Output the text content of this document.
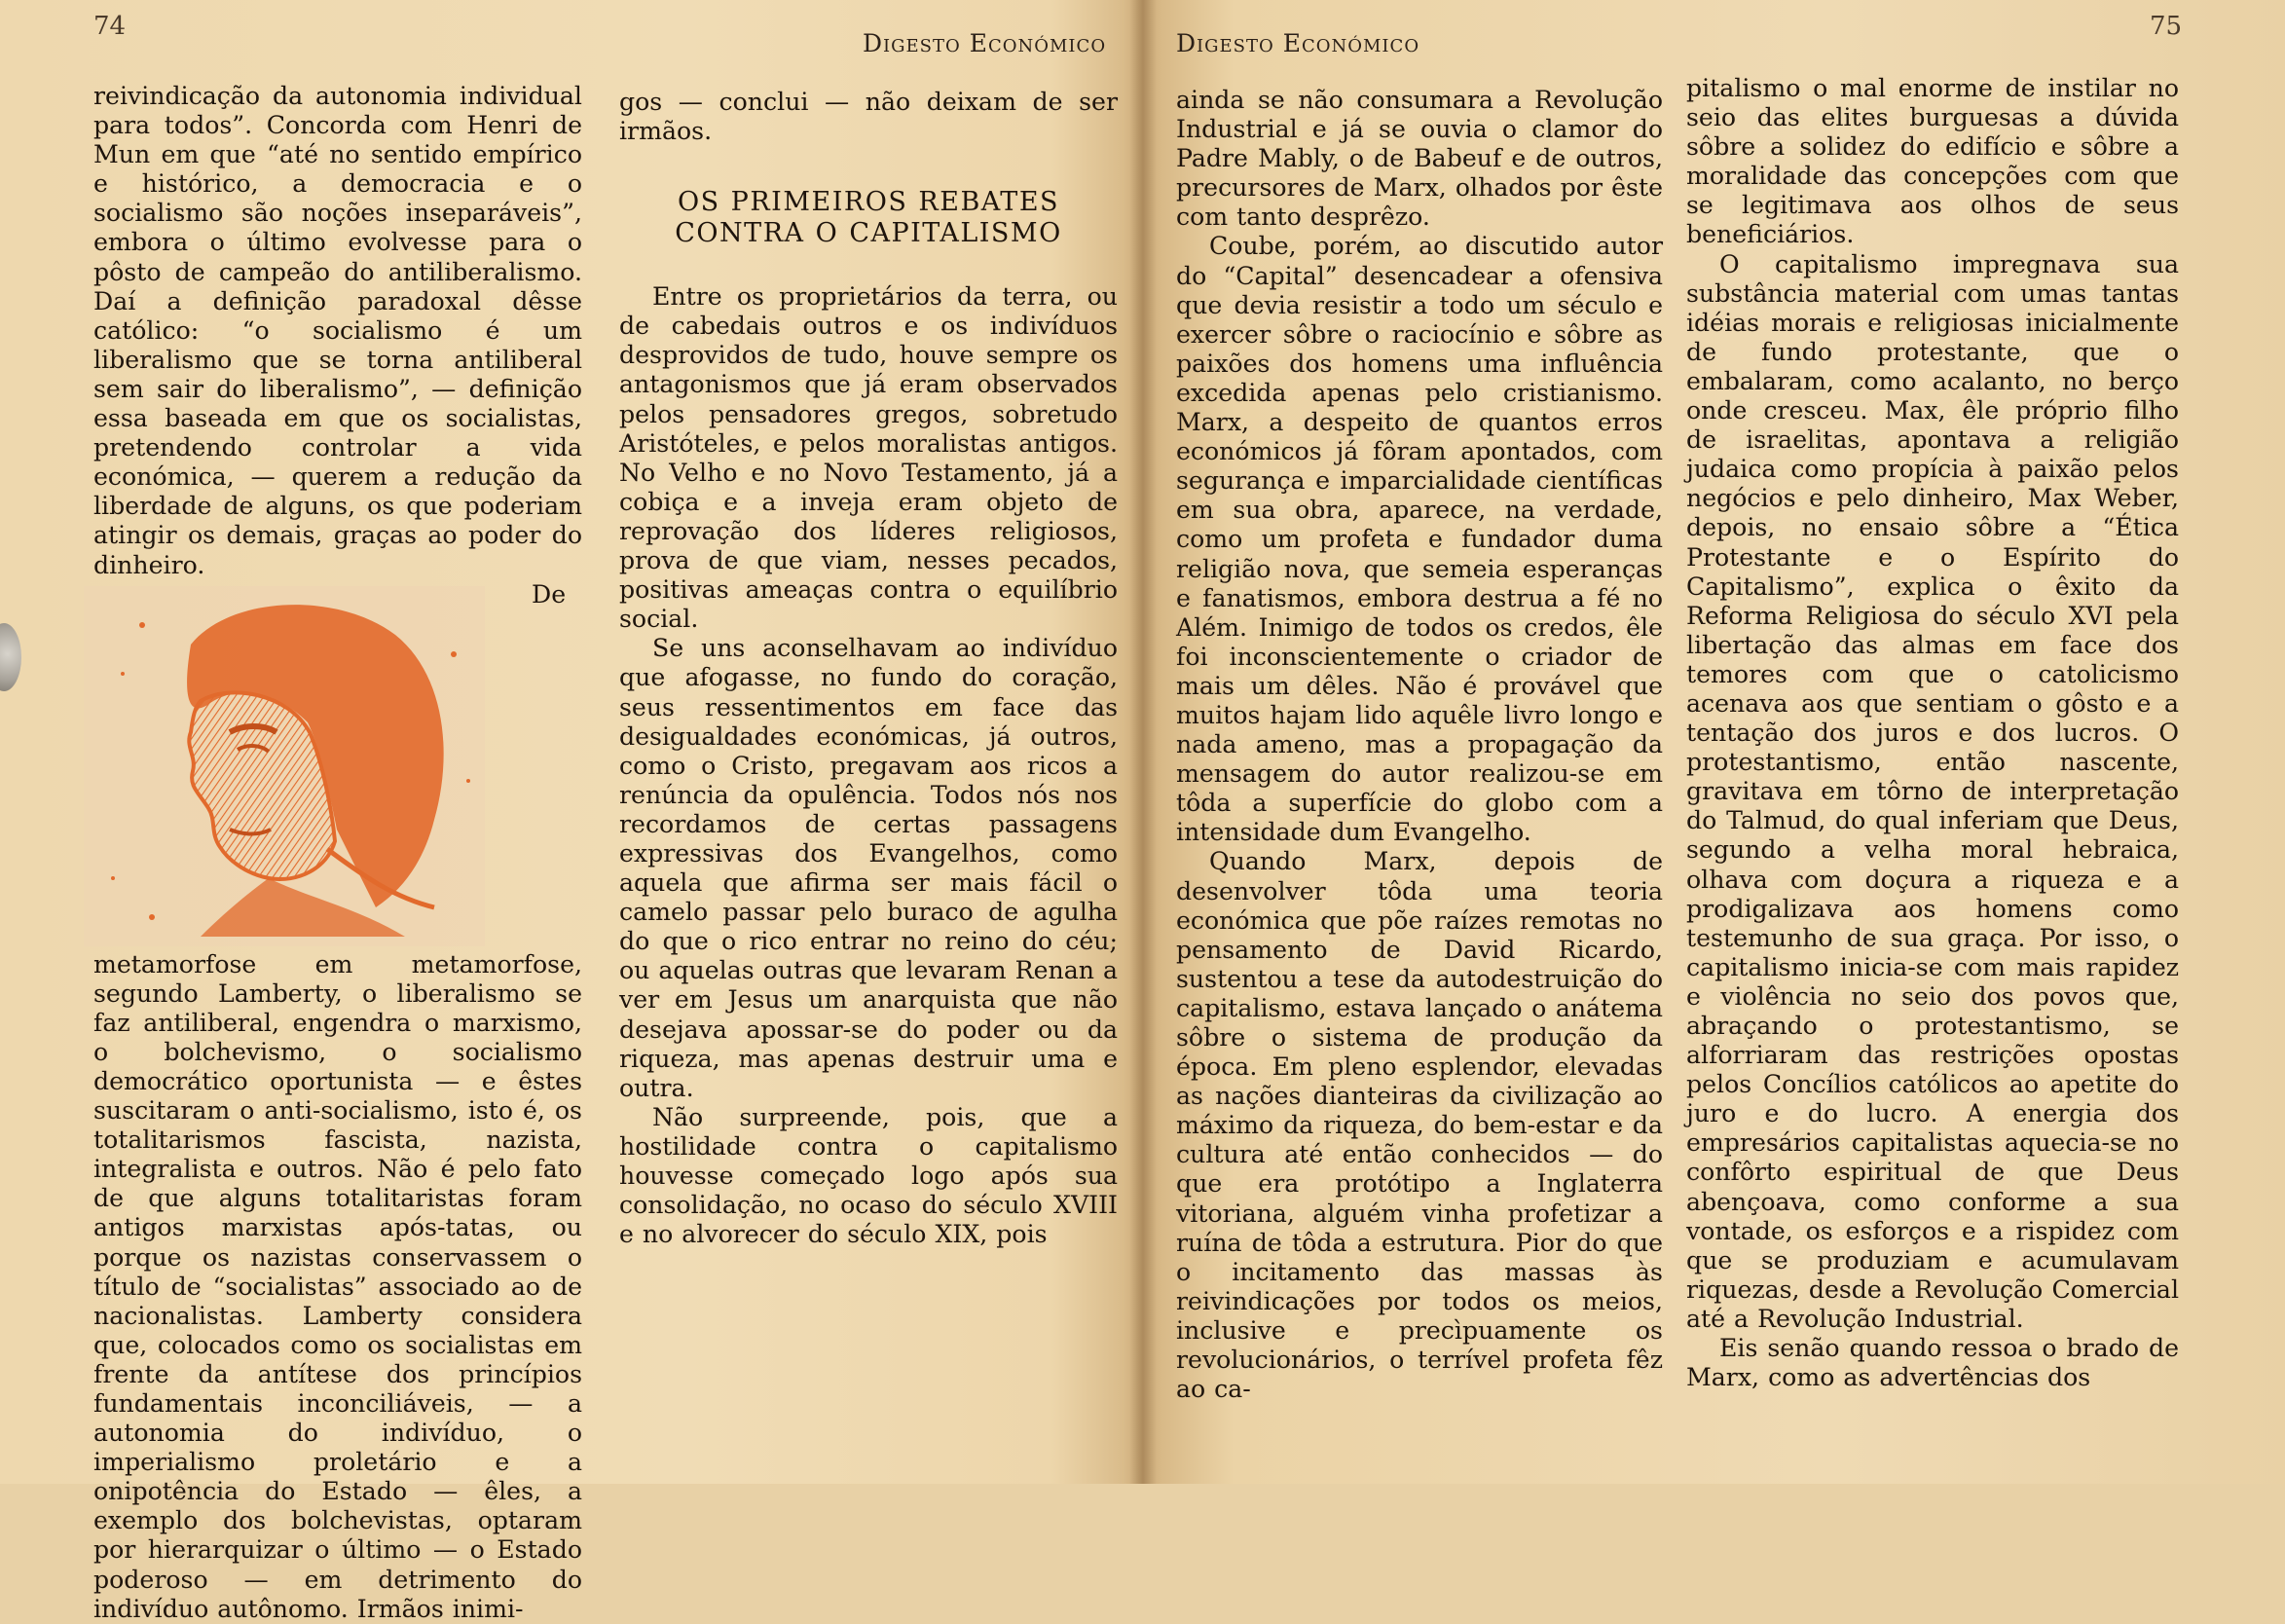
74
Digesto Económico

reivindicação da autonomia individual para todos”. Concorda com Henri de Mun em que “até no sentido empírico e histórico, a democracia e o socialismo são noções inseparáveis”, embora o último evolvesse para o pôsto de campeão do antiliberalismo. Daí a definição paradoxal dêsse católico: “o socialismo é um liberalismo que se torna antiliberal sem sair do liberalismo”, — definição essa baseada em que os socialistas, pretendendo controlar a vida económica, — querem a redução da liberdade de alguns, os que poderiam atingir os demais, graças ao poder do dinheiro.

De metamorfose em metamorfose, segundo Lamberty, o liberalismo se faz antiliberal, engendra o marxismo, o bolchevismo, o socialismo democrático oportunista — e êstes suscitaram o anti-socialismo, isto é, os totalitarismos fascista, nazista, integralista e outros. Não é pelo fato de que alguns totalitaristas foram antigos marxistas após-tatas, ou porque os nazistas conservassem o título de “socialistas” associado ao de nacionalistas. Lamberty considera que, colocados como os socialistas em frente da antítese dos princípios fundamentais inconciliáveis, — a autonomia do indivíduo, o imperialismo proletário e a onipotência do Estado — êles, a exemplo dos bolchevistas, optaram por hierarquizar o último — o Estado poderoso — em detrimento do indivíduo autônomo. Irmãos inimi-

gos — conclui — não deixam de ser irmãos.

OS PRIMEIROS REBATES
CONTRA O CAPITALISMO

Entre os proprietários da terra, ou de cabedais outros e os indivíduos desprovidos de tudo, houve sempre os antagonismos que já eram observados pelos pensadores gregos, sobretudo Aristóteles, e pelos moralistas antigos. No Velho e no Novo Testamento, já a cobiça e a inveja eram objeto de reprovação dos líderes religiosos, prova de que viam, nesses pecados, positivas ameaças contra o equilíbrio social.

Se uns aconselhavam ao indivíduo que afogasse, no fundo do coração, seus ressentimentos em face das desigualdades económicas, já outros, como o Cristo, pregavam aos ricos a renúncia da opulência. Todos nós nos recordamos de certas passagens expressivas dos Evangelhos, como aquela que afirma ser mais fácil o camelo passar pelo buraco de agulha do que o rico entrar no reino do céu; ou aquelas outras que levaram Renan a ver em Jesus um anarquista que não desejava apossar-se do poder ou da riqueza, mas apenas destruir uma e outra.

Não surpreende, pois, que a hostilidade contra o capitalismo houvesse começado logo após sua consolidação, no ocaso do século XVIII e no alvorecer do século XIX, pois

Digesto Económico
75

ainda se não consumara a Revolução Industrial e já se ouvia o clamor do Padre Mably, o de Babeuf e de outros, precursores de Marx, olhados por êste com tanto desprêzo.

Coube, porém, ao discutido autor do “Capital” desencadear a ofensiva que devia resistir a todo um século e exercer sôbre o raciocínio e sôbre as paixões dos homens uma influência excedida apenas pelo cristianismo. Marx, a despeito de quantos erros económicos já fôram apontados, com segurança e imparcialidade científicas em sua obra, aparece, na verdade, como um profeta e fundador duma religião nova, que semeia esperanças e fanatismos, embora destrua a fé no Além. Inimigo de todos os credos, êle foi inconscientemente o criador de mais um dêles. Não é provável que muitos hajam lido aquêle livro longo e nada ameno, mas a propagação da mensagem do autor realizou-se em tôda a superfície do globo com a intensidade dum Evangelho.

Quando Marx, depois de desenvolver tôda uma teoria económica que põe raízes remotas no pensamento de David Ricardo, sustentou a tese da autodestruição do capitalismo, estava lançado o anátema sôbre o sistema de produção da época. Em pleno esplendor, elevadas as nações dianteiras da civilização ao máximo da riqueza, do bem-estar e da cultura até então conhecidos — do que era protótipo a Inglaterra vitoriana, alguém vinha profetizar a ruína de tôda a estrutura. Pior do que o incitamento das massas às reivindicações por todos os meios, inclusive e precìpuamente os revolucionários, o terrível profeta fêz ao ca-

pitalismo o mal enorme de instilar no seio das elites burguesas a dúvida sôbre a solidez do edifício e sôbre a moralidade das concepções com que se legitimava aos olhos de seus beneficiários.

O capitalismo impregnava sua substância material com umas tantas idéias morais e religiosas inicialmente de fundo protestante, que o embalaram, como acalanto, no berço onde cresceu. Max, êle próprio filho de israelitas, apontava a religião judaica como propícia à paixão pelos negócios e pelo dinheiro, Max Weber, depois, no ensaio sôbre a “Ética Protestante e o Espírito do Capitalismo”, explica o êxito da Reforma Religiosa do século XVI pela libertação das almas em face dos temores com que o catolicismo acenava aos que sentiam o gôsto e a tentação dos juros e dos lucros. O protestantismo, então nascente, gravitava em tôrno de interpretação do Talmud, do qual inferiam que Deus, segundo a velha moral hebraica, olhava com doçura a riqueza e a prodigalizava aos homens como testemunho de sua graça. Por isso, o capitalismo inicia-se com mais rapidez e violência no seio dos povos que, abraçando o protestantismo, se alforriaram das restrições opostas pelos Concílios católicos ao apetite do juro e do lucro. A energia dos empresários capitalistas aquecia-se no confôrto espiritual de que Deus abençoava, como conforme a sua vontade, os esforços e a rispidez com que se produziam e acumulavam riquezas, desde a Revolução Comercial até a Revolução Industrial.

Eis senão quando ressoa o brado de Marx, como as advertências dos
